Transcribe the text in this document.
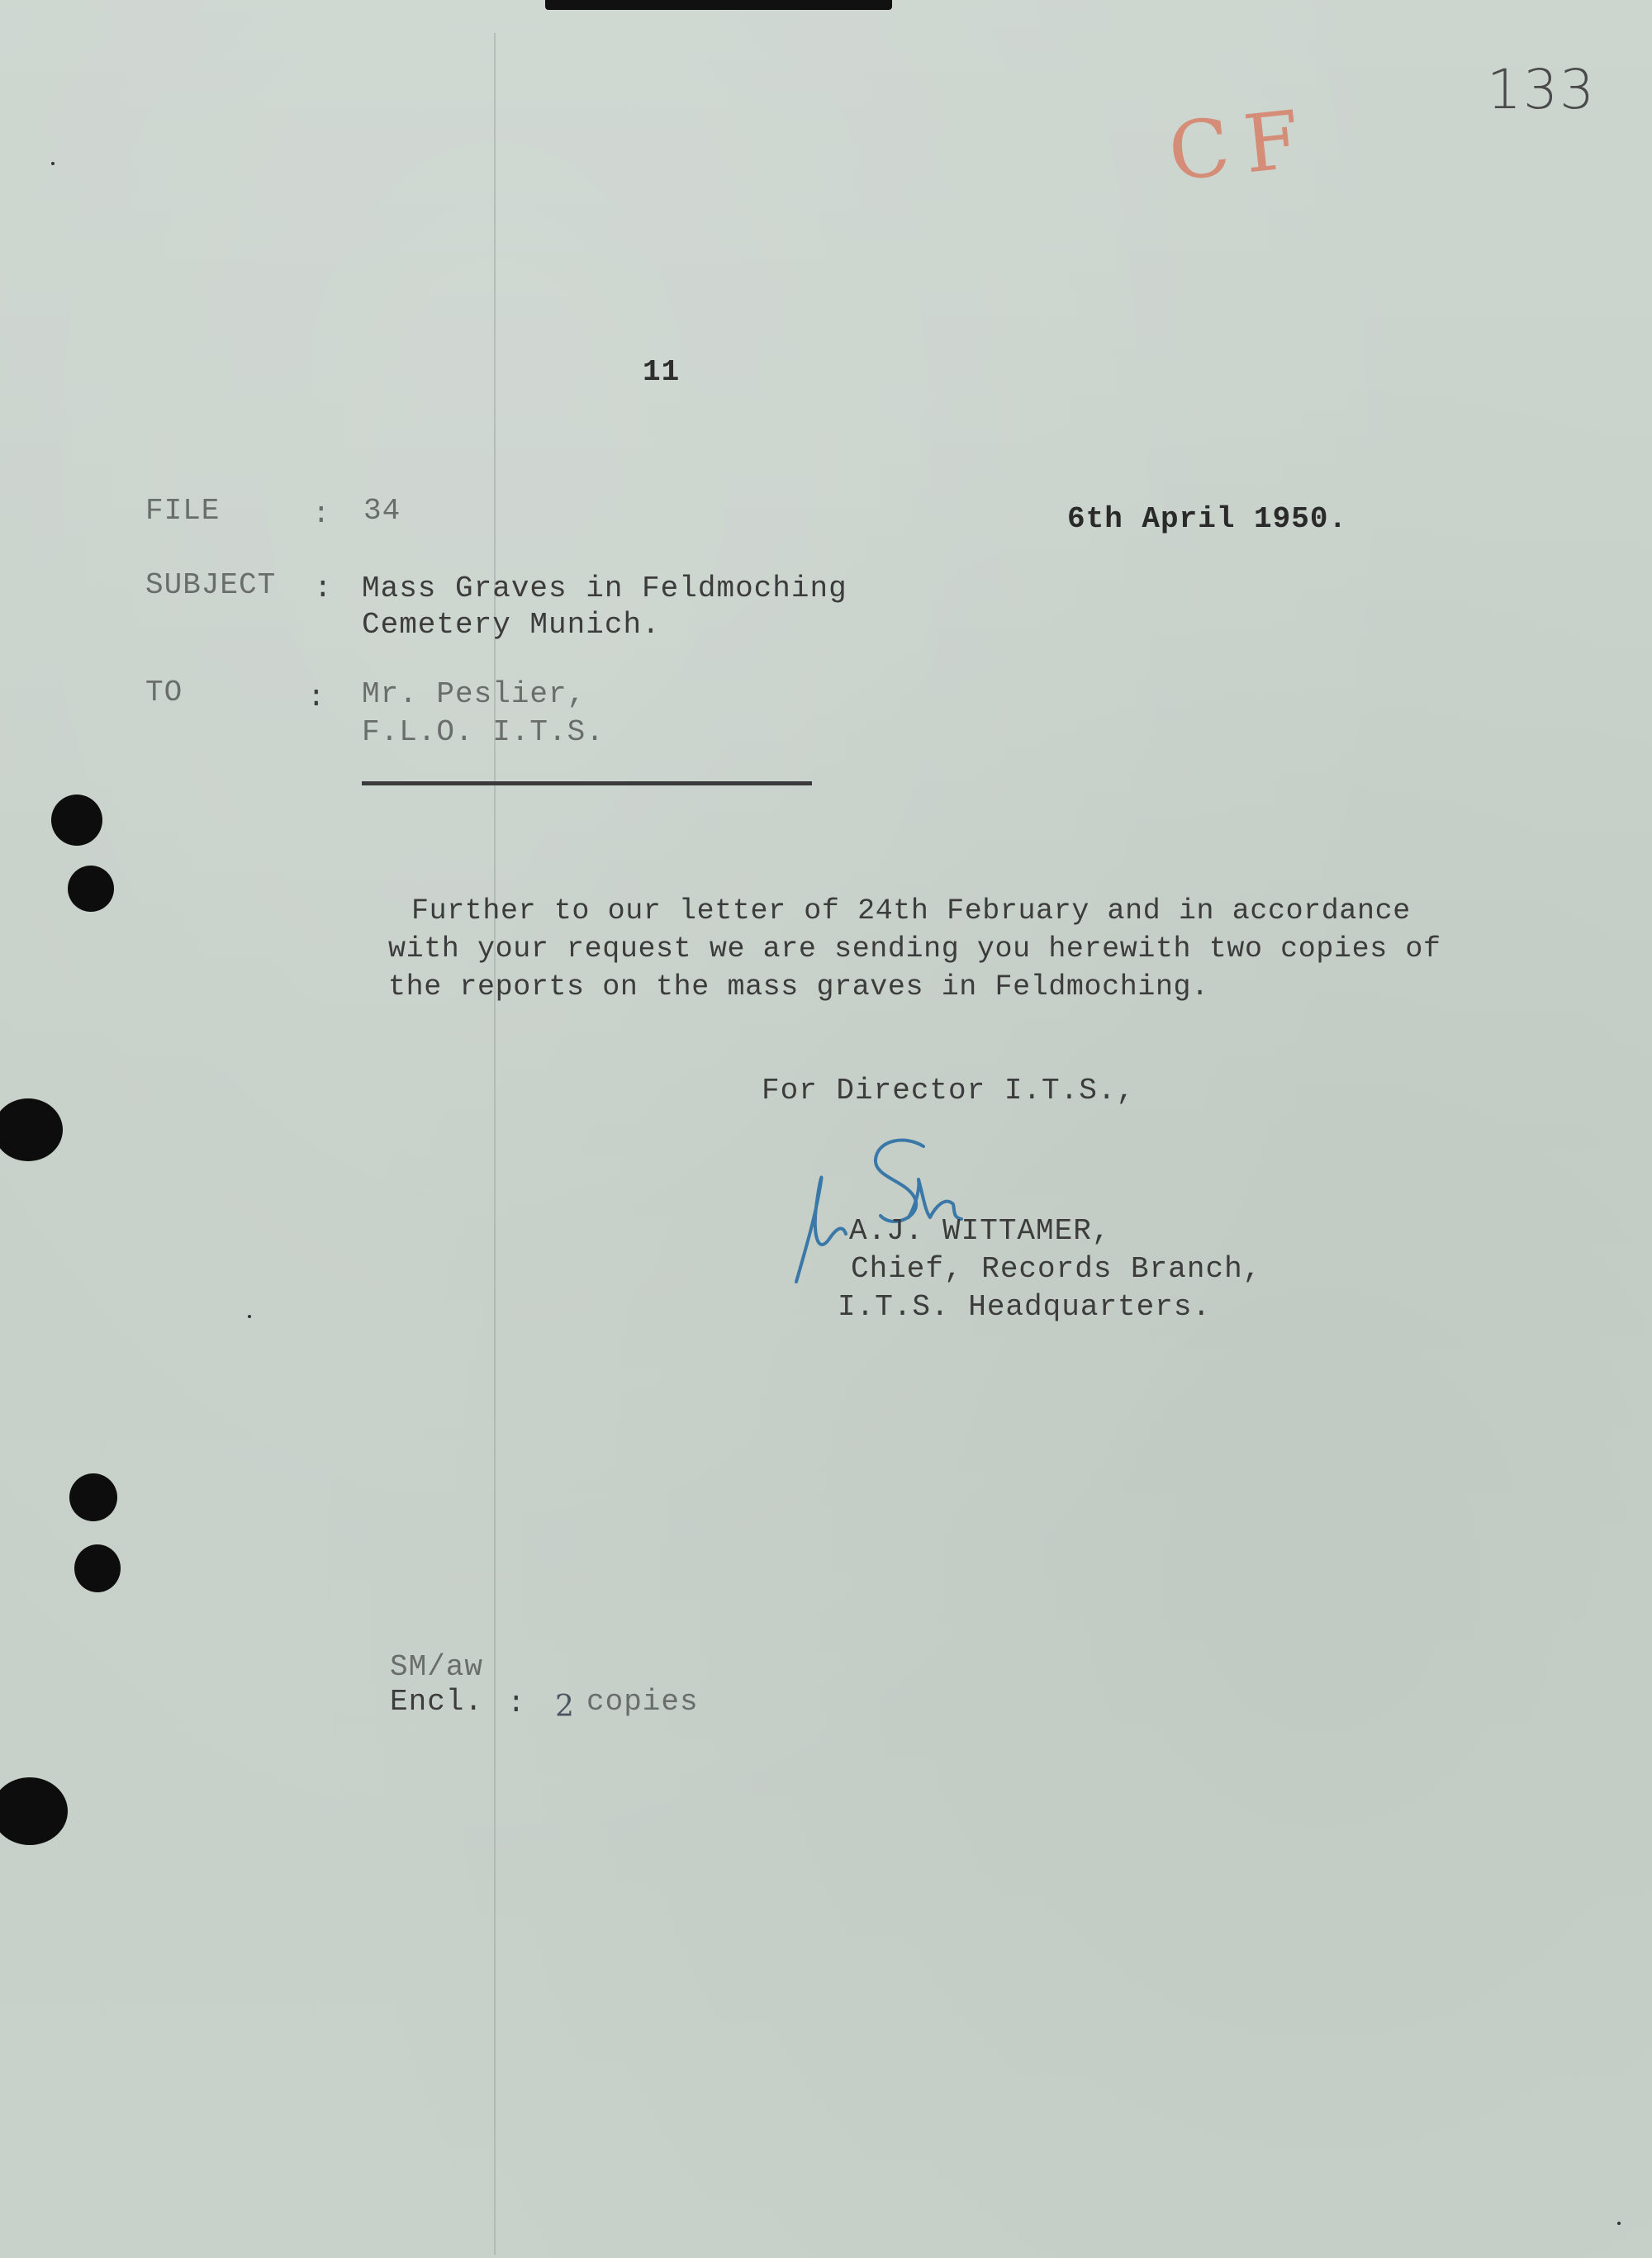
133
CF
11
FILE	: 34	6th April 1950.
SUBJECT : Mass Graves in Feldmoching
Cemetery Munich.
TO	: Mr. Peslier,
F.L.O. I.T.S.
Further to our letter of 24th February and in accordance
with your request we are sending you herewith two copies of
the reports on the mass graves in Feldmoching.
For Director I.T.S.,
A.J. WITTAMER,
Chief, Records Branch,
I.T.S. Headquarters.
SM/aw
Encl. : 2 copies
